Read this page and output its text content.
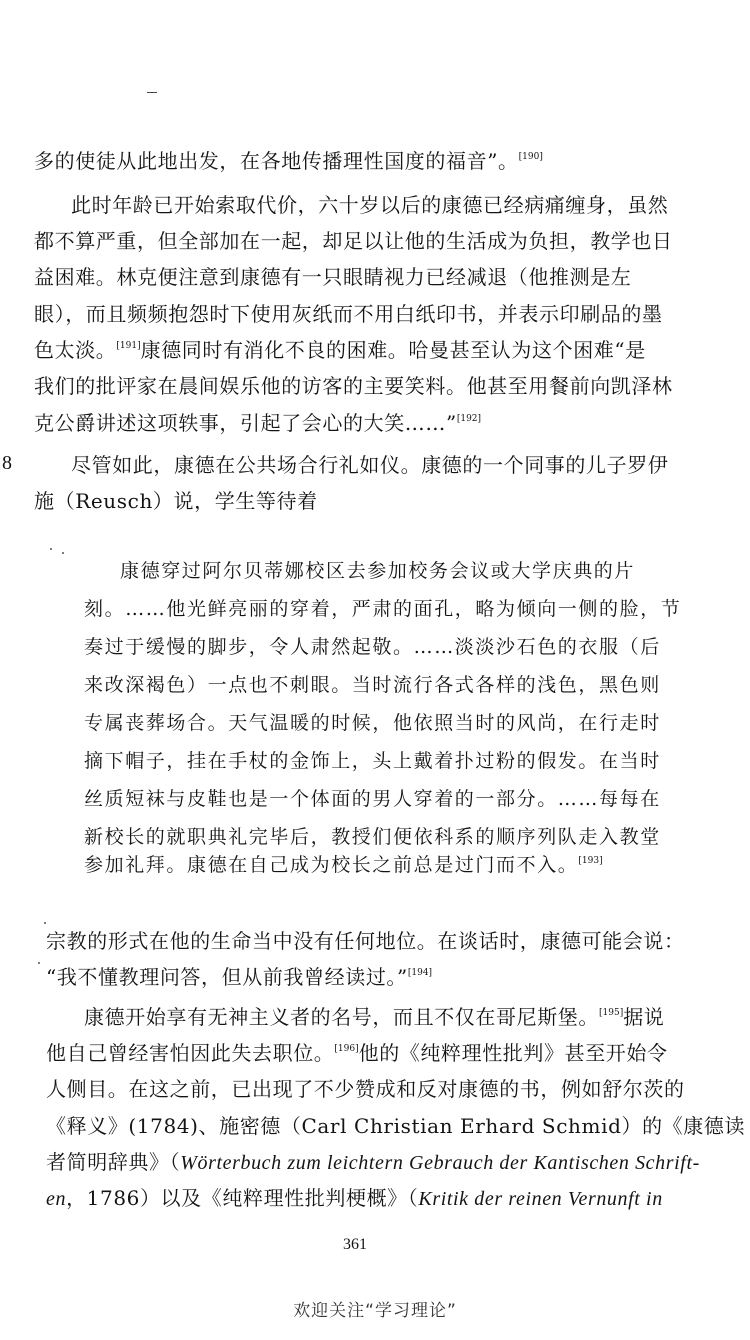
多的使徒从此地出发，在各地传播理性国度的福音”。[190]
此时年龄已开始索取代价，六十岁以后的康德已经病痛缠身，虽然
都不算严重，但全部加在一起，却足以让他的生活成为负担，教学也日
益困难。林克便注意到康德有一只眼睛视力已经减退（他推测是左
眼），而且频频抱怨时下使用灰纸而不用白纸印书，并表示印刷品的墨
色太淡。[191]康德同时有消化不良的困难。哈曼甚至认为这个困难“是
我们的批评家在晨间娱乐他的访客的主要笑料。他甚至用餐前向凯泽林
克公爵讲述这项轶事，引起了会心的大笑……”[192]
8	尽管如此，康德在公共场合行礼如仪。康德的一个同事的儿子罗伊
施（Reusch）说，学生等待着
康德穿过阿尔贝蒂娜校区去参加校务会议或大学庆典的片
刻。……他光鲜亮丽的穿着，严肃的面孔，略为倾向一侧的脸，节
奏过于缓慢的脚步，令人肃然起敬。……淡淡沙石色的衣服（后
来改深褐色）一点也不刺眼。当时流行各式各样的浅色，黑色则
专属丧葬场合。天气温暖的时候，他依照当时的风尚，在行走时
摘下帽子，挂在手杖的金饰上，头上戴着扑过粉的假发。在当时
丝质短袜与皮鞋也是一个体面的男人穿着的一部分。……每每在
新校长的就职典礼完毕后，教授们便依科系的顺序列队走入教堂
参加礼拜。康德在自己成为校长之前总是过门而不入。[193]
宗教的形式在他的生命当中没有任何地位。在谈话时，康德可能会说：
“我不懂教理问答，但从前我曾经读过。”[194]
康德开始享有无神主义者的名号，而且不仅在哥尼斯堡。[195]据说
他自己曾经害怕因此失去职位。[196]他的《纯粹理性批判》甚至开始令
人侧目。在这之前，已出现了不少赞成和反对康德的书，例如舒尔茨的
《释义》(1784)、施密德（Carl Christian Erhard Schmid）的《康德读
者简明辞典》（Wörterbuch zum leichtern Gebrauch der Kantischen Schrift-
en，1786）以及《纯粹理性批判梗概》（Kritik der reinen Vernunft in
361
欢迎关注“学习理论”
